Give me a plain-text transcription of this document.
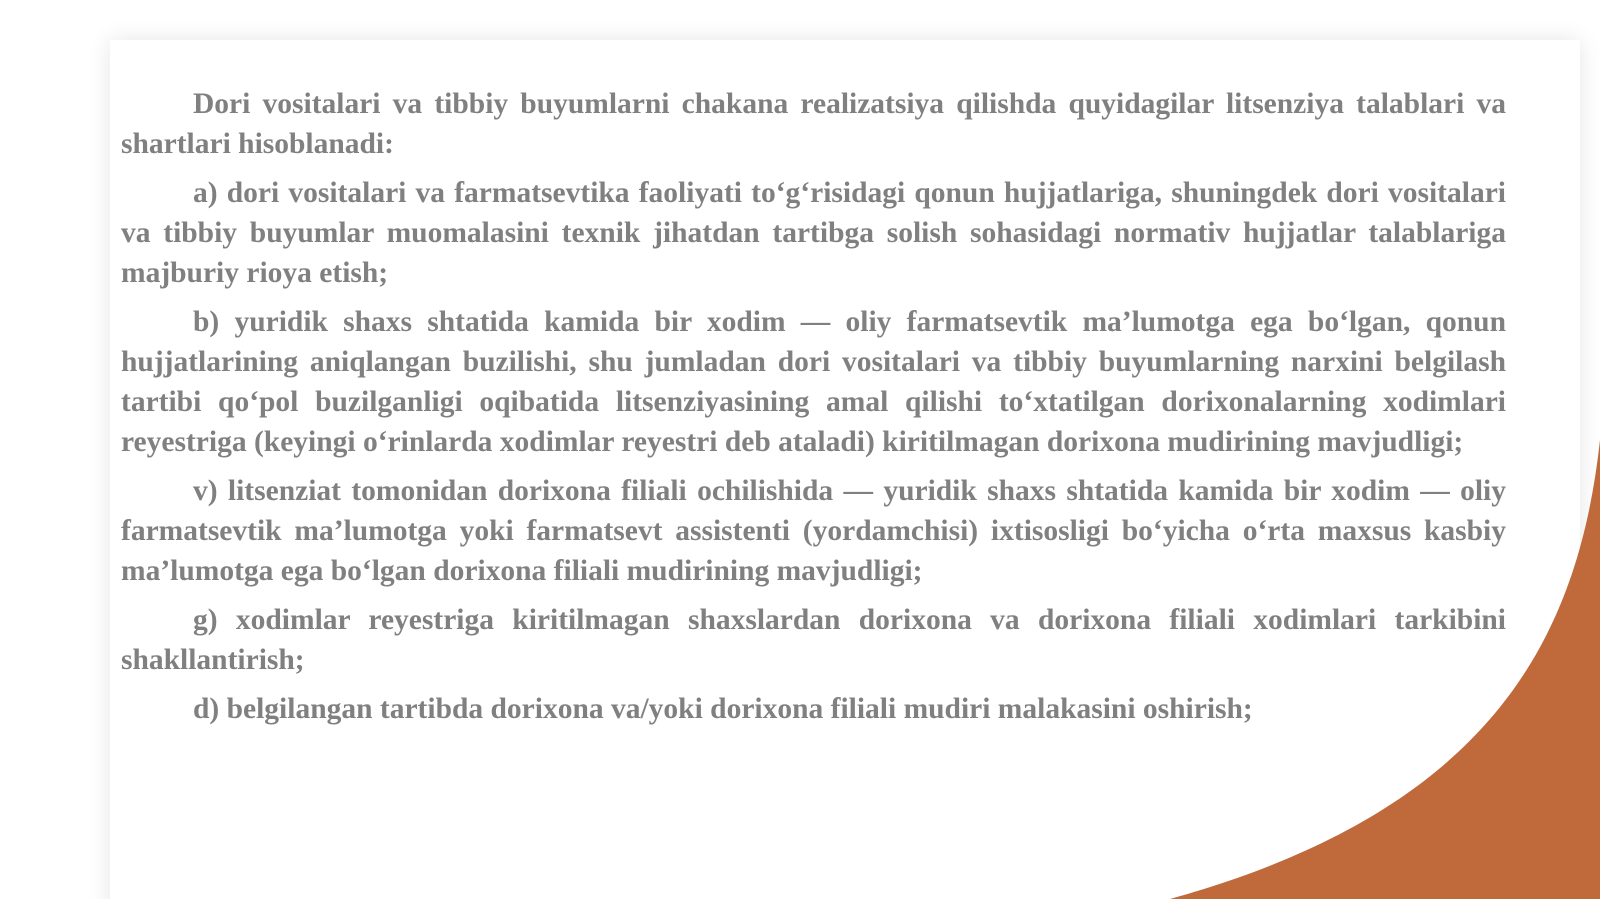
Dori vositalari va tibbiy buyumlarni chakana realizatsiya qilishda quyidagilar litsenziya talablari va shartlari hisoblanadi:

a) dori vositalari va farmatsevtika faoliyati to‘g‘risidagi qonun hujjatlariga, shuningdek dori vositalari va tibbiy buyumlar muomalasini texnik jihatdan tartibga solish sohasidagi normativ hujjatlar talablariga majburiy rioya etish;

b) yuridik shaxs shtatida kamida bir xodim — oliy farmatsevtik ma’lumotga ega bo‘lgan, qonun hujjatlarining aniqlangan buzilishi, shu jumladan dori vositalari va tibbiy buyumlarning narxini belgilash tartibi qo‘pol buzilganligi oqibatida litsenziyasining amal qilishi to‘xtatilgan dorixonalarning xodimlari reyestriga (keyingi o‘rinlarda xodimlar reyestri deb ataladi) kiritilmagan dorixona mudirining mavjudligi;

v) litsenziat tomonidan dorixona filiali ochilishida — yuridik shaxs shtatida kamida bir xodim — oliy farmatsevtik ma’lumotga yoki farmatsevt assistenti (yordamchisi) ixtisosligi bo‘yicha o‘rta maxsus kasbiy ma’lumotga ega bo‘lgan dorixona filiali mudirining mavjudligi;

g) xodimlar reyestriga kiritilmagan shaxslardan dorixona va dorixona filiali xodimlari tarkibini shakllantirish;

d) belgilangan tartibda dorixona va/yoki dorixona filiali mudiri malakasini oshirish;
